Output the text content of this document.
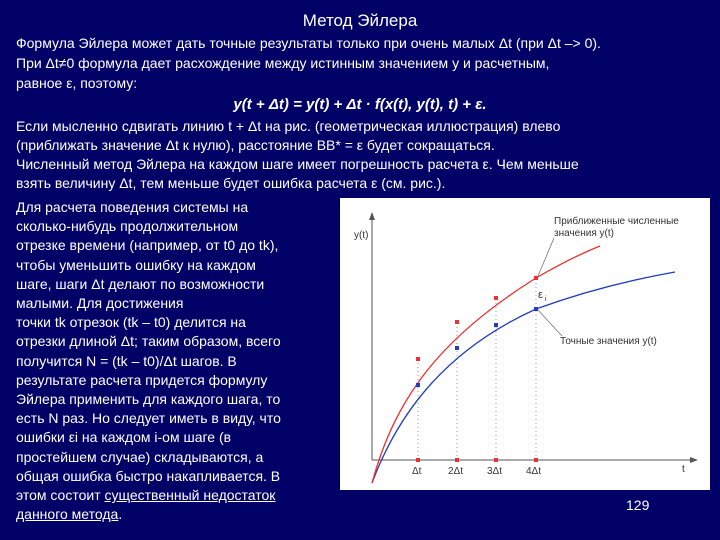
Метод Эйлера
Формула Эйлера может дать точные результаты только при очень малых Δt (при Δt –> 0).
При Δt≠0 формула дает расхождение между истинным значением y и расчетным,
равное ε, поэтому:
y(t + Δt) = y(t) + Δt · f(x(t), y(t), t) + ε.
Если мысленно сдвигать линию t + Δt на рис. (геометрическая иллюстрация) влево
(приближать значение Δt к нулю), расстояние BB* = ε будет сокращаться.
Численный метод Эйлера на каждом шаге имеет погрешность расчета ε. Чем меньше
взять величину Δt, тем меньше будет ошибка расчета ε (см. рис.).
Для расчета поведения системы на
сколько-нибудь продолжительном
отрезке времени (например, от t0 до tk),
чтобы уменьшить ошибку на каждом
шаге, шаги Δt делают по возможности
малыми. Для достижения
точки tk отрезок (tk – t0) делится на
отрезки длиной Δt; таким образом, всего
получится N = (tk – t0)/Δt шагов. В
результате расчета придется формулу
Эйлера применить для каждого шага, то
есть N раз. Но следует иметь в виду, что
ошибки εi на каждом i-ом шаге (в
простейшем случае) складываются, а
общая ошибка быстро накапливается. В
этом состоит существенный недостаток
данного метода.
y(t)
t
Δt	2Δt 3Δt 4Δt
ε i
Приближенные численные
значения y(t)
Точные значения y(t)
129
